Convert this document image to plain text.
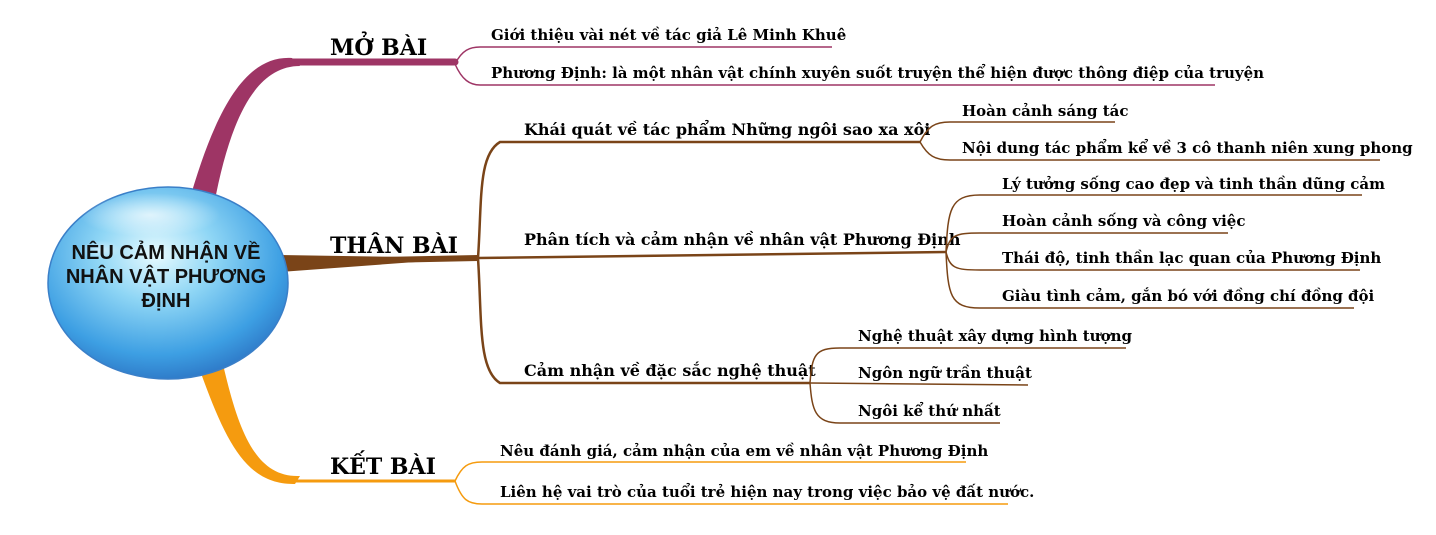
MỞ BÀI	Giới thiệu vài nét về tác giả Lê Minh Khuê
Phương Định: là một nhân vật chính xuyên suốt truyện thể hiện được thông điệp của truyện
THÂN BÀI
Khái quát về tác phẩm Những ngôi sao xa xôi
Hoàn cảnh sáng tác
Nội dung tác phẩm kể về 3 cô thanh niên xung phong
Phân tích và cảm nhận về nhân vật Phương Định
Lý tưởng sống cao đẹp và tinh thần dũng cảm
Hoàn cảnh sống và công việc
Thái độ, tinh thần lạc quan của Phương Định
Giàu tình cảm, gắn bó với đồng chí đồng đội
Cảm nhận về đặc sắc nghệ thuật
Nghệ thuật xây dựng hình tượng
Ngôn ngữ trần thuật
Ngôi kể thứ nhất
KẾT BÀI
Nêu đánh giá, cảm nhận của em về nhân vật Phương Định
Liên hệ vai trò của tuổi trẻ hiện nay trong việc bảo vệ đất nước.
NÊU CẢM NHẬN VỀ
NHÂN VẬT PHƯƠNG
ĐỊNH
